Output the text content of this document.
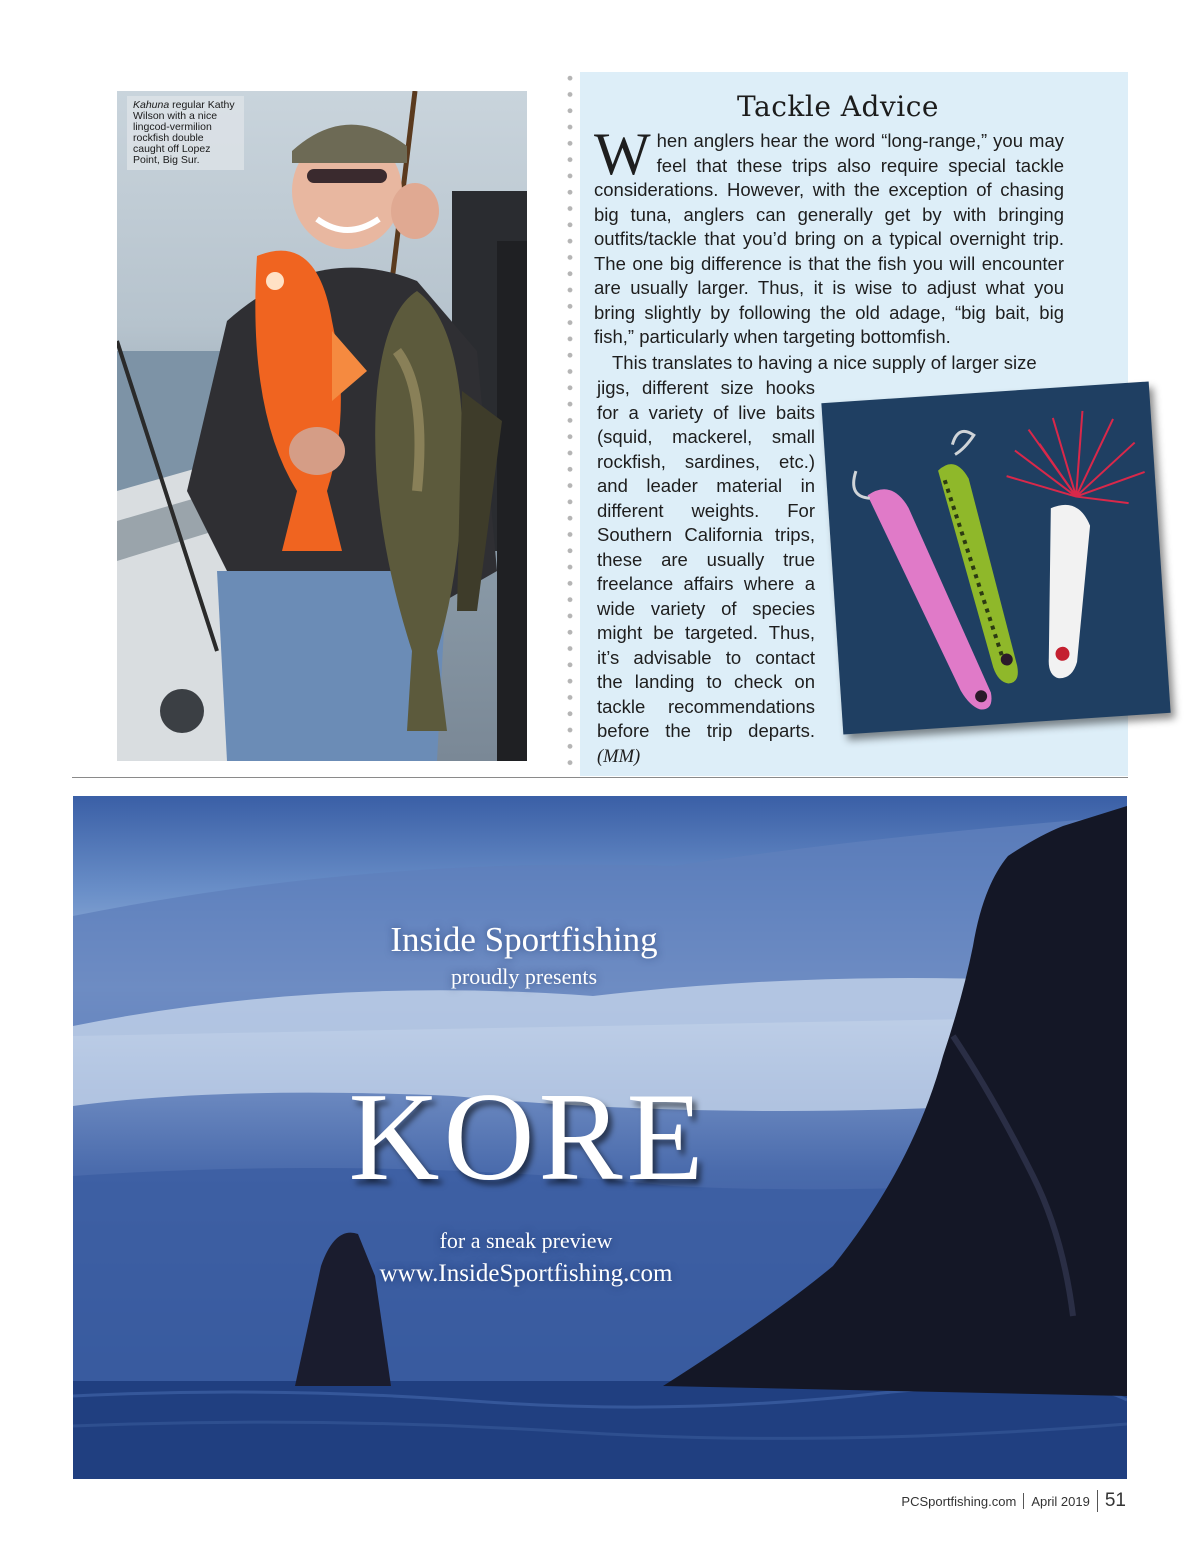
Kahuna regular Kathy Wilson with a nice lingcod-vermilion rockfish double caught off Lopez Point, Big Sur.
Tackle Advice
When anglers hear the word “long-range,” you may feel that these trips also require special tackle considerations. However, with the exception of chasing big tuna, anglers can generally get by with bringing outfits/tackle that you’d bring on a typical overnight trip. The one big difference is that the fish you will encounter are usually larger. Thus, it is wise to adjust what you bring slightly by following the old adage, “big bait, big fish,” particularly when targeting bottomfish.
This translates to having a nice supply of larger size
jigs, different size hooks for a variety of live baits (squid, mackerel, small rockfish, sardines, etc.) and leader material in different weights. For Southern California trips, these are usually true freelance affairs where a wide variety of species might be targeted. Thus, it’s advisable to contact the landing to check on tackle recommendations before the trip departs. (MM)
Inside Sportfishing
proudly presents
KORE
for a sneak preview
www.InsideSportfishing.com
PCSportfishing.com April 2019 51
